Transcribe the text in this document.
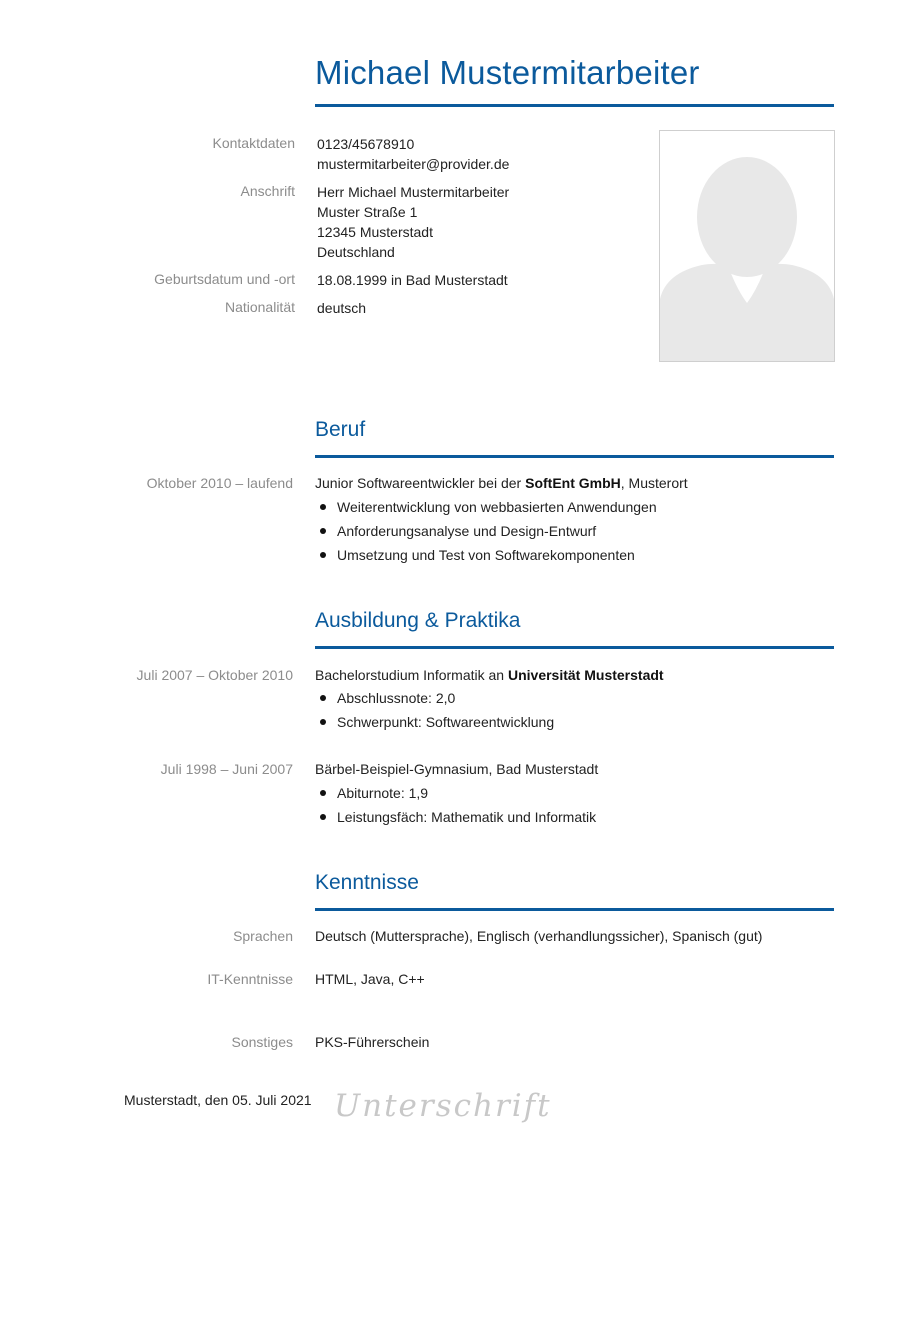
Michael Mustermitarbeiter
Kontaktdaten 0123/45678910
mustermitarbeiter@provider.de
Anschrift Herr Michael Mustermitarbeiter
Muster Straße 1
12345 Musterstadt
Deutschland
Geburtsdatum und -ort 18.08.1999 in Bad Musterstadt
Nationalität deutsch
Beruf
Oktober 2010 – laufend Junior Softwareentwickler bei der SoftEnt GmbH, Musterort
Weiterentwicklung von webbasierten Anwendungen
Anforderungsanalyse und Design-Entwurf
Umsetzung und Test von Softwarekomponenten
Ausbildung & Praktika
Juli 2007 – Oktober 2010 Bachelorstudium Informatik an Universität Musterstadt
Abschlussnote: 2,0
Schwerpunkt: Softwareentwicklung
Juli 1998 – Juni 2007 Bärbel-Beispiel-Gymnasium, Bad Musterstadt
Abiturnote: 1,9
Leistungsfäch: Mathematik und Informatik
Kenntnisse
Sprachen Deutsch (Muttersprache), Englisch (verhandlungssicher), Spanisch (gut)
IT-Kenntnisse HTML, Java, C++
Sonstiges PKS-Führerschein
Musterstadt, den 05. Juli 2021 Unterschrift
